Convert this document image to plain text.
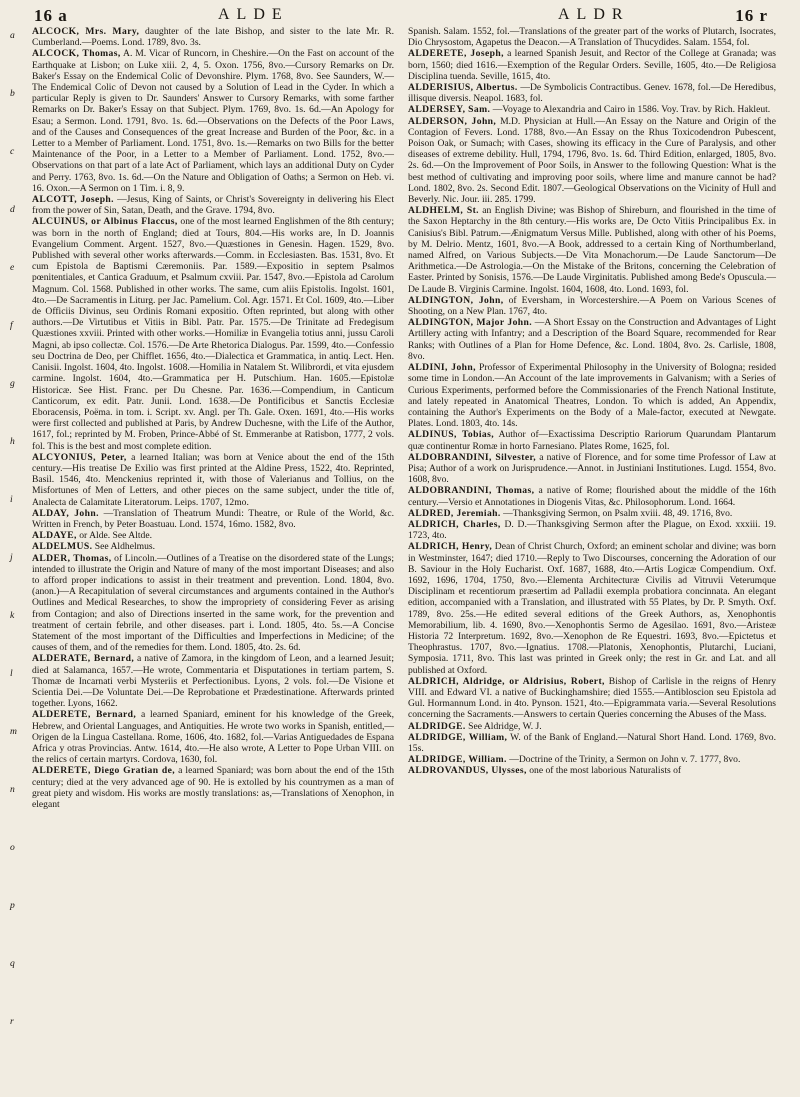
16 a	ALDE	ALDR	16 r

ALCOCK, Mrs. Mary, daughter of the late Bishop, and sister to the late Mr. R. Cumberland.—Poems. Lond. 1789, 8vo. 3s.

ALCOCK, Thomas, A. M. Vicar of Runcorn, in Cheshire.—On the Fast on account of the Earthquake at Lisbon; on Luke xiii. 2, 4, 5. Oxon. 1756, 8vo.—Cursory Remarks on Dr. Baker's Essay on the Endemical Colic of Devonshire. Plym. 1768, 8vo. See Saunders, W.—The Endemical Colic of Devon not caused by a Solution of Lead in the Cyder. In which a particular Reply is given to Dr. Saunders' Answer to Cursory Remarks, with some farther Remarks on Dr. Baker's Essay on that Subject. Plym. 1769, 8vo. 1s. 6d.—An Apology for Esau; a Sermon. Lond. 1791, 8vo. 1s. 6d.—Observations on the Defects of the Poor Laws, and of the Causes and Consequences of the great Increase and Burden of the Poor, &c. in a Letter to a Member of Parliament. Lond. 1751, 8vo. 1s.—Remarks on two Bills for the better Maintenance of the Poor, in a Letter to a Member of Parliament. Lond. 1752, 8vo.—Observations on that part of a late Act of Parliament, which lays an additional Duty on Cyder and Perry. 1763, 8vo. 1s. 6d.—On the Nature and Obligation of Oaths; a Sermon on Heb. vi. 16. Oxon.—A Sermon on 1 Tim. i. 8, 9.

ALCOTT, Joseph. —Jesus, King of Saints, or Christ's Sovereignty in delivering his Elect from the power of Sin, Satan, Death, and the Grave. 1794, 8vo.

ALCUINUS, or Albinus Flaccus, one of the most learned Englishmen of the 8th century; was born in the north of England; died at Tours, 804.—His works are, In D. Joannis Evangelium Comment. Argent. 1527, 8vo.—Quæstiones in Genesin. Hagen. 1529, 8vo. Published with several other works afterwards.—Comm. in Ecclesiasten. Bas. 1531, 8vo. Et cum Epistola de Baptismi Cæremoniis. Par. 1589.—Expositio in septem Psalmos pœnitentiales, et Cantica Graduum, et Psalmum cxviii. Par. 1547, 8vo.—Epistola ad Carolum Magnum. Col. 1568. Published in other works. The same, cum aliis Epistolis. Ingolst. 1601, 4to.—De Sacramentis in Liturg. per Jac. Pamelium. Col. Agr. 1571. Et Col. 1609, 4to.—Liber de Officiis Divinus, seu Ordinis Romani expositio. Often reprinted, but along with other authors.—De Virtutibus et Vitiis in Bibl. Patr. Par. 1575.—De Trinitate ad Fredegisum Quæstiones xxviii. Printed with other works.—Homiliæ in Evangelia totius anni, jussu Caroli Magni, ab ipso collectæ. Col. 1576.—De Arte Rhetorica Dialogus. Par. 1599, 4to.—Confessio seu Doctrina de Deo, per Chifflet. 1656, 4to.—Dialectica et Grammatica, in antiq. Lect. Hen. Canisii. Ingolst. 1604, 4to. Ingolst. 1608.—Homilia in Natalem St. Wilibrordi, et vita ejusdem carmine. Ingolst. 1604, 4to.—Grammatica per H. Putschium. Han. 1605.—Epistolæ Historicæ. See Hist. Franc. per Du Chesne. Par. 1636.—Compendium, in Canticum Canticorum, ex edit. Patr. Junii. Lond. 1638.—De Pontificibus et Sanctis Ecclesiæ Eboracensis, Poëma. in tom. i. Script. xv. Angl. per Th. Gale. Oxen. 1691, 4to.—His works were first collected and published at Paris, by Andrew Duchesne, with the Life of the Author, 1617, fol.; reprinted by M. Froben, Prince-Abbé of St. Emmeranbe at Ratisbon, 1777, 2 vols. fol. This is the best and most complete edition.

ALCYONIUS, Peter, a learned Italian; was born at Venice about the end of the 15th century.—His treatise De Exilio was first printed at the Aldine Press, 1522, 4to. Reprinted, Basil. 1546, 4to. Menckenius reprinted it, with those of Valerianus and Tollius, on the Misfortunes of Men of Letters, and other pieces on the same subject, under the title of, Analecta de Calamitate Literatorum. Leips. 1707, 12mo.

ALDAY, John. —Translation of Theatrum Mundi: Theatre, or Rule of the World, &c. Written in French, by Peter Boastuau. Lond. 1574, 16mo. 1582, 8vo.

ALDAYE, or Alde. See Altde.

ALDELMUS. See Aldhelmus.

ALDER, Thomas, of Lincoln.—Outlines of a Treatise on the disordered state of the Lungs; intended to illustrate the Origin and Nature of many of the most important Diseases; and also to afford proper indications to assist in their treatment and prevention. Lond. 1804, 8vo. (anon.)—A Recapitulation of several circumstances and arguments contained in the Author's Outlines and Medical Researches, to show the impropriety of considering Fever as arising from Contagion; and also of Directions inserted in the same work, for the prevention and treatment of certain febrile, and other diseases. part i. Lond. 1805, 4to. 5s.—A Concise Statement of the most important of the Difficulties and Imperfections in Medicine; of the causes of them, and of the remedies for them. Lond. 1805, 4to. 2s. 6d.

ALDERATE, Bernard, a native of Zamora, in the kingdom of Leon, and a learned Jesuit; died at Salamanca, 1657.—He wrote, Commentaria et Disputationes in tertiam partem, S. Thomæ de Incarnati verbi Mysteriis et Perfectionibus. Lyons, 2 vols. fol.—De Visione et Scientia Dei.—De Voluntate Dei.—De Reprobatione et Prædestinatione. Afterwards printed together. Lyons, 1662.

ALDERETE, Bernard, a learned Spaniard, eminent for his knowledge of the Greek, Hebrew, and Oriental Languages, and Antiquities. He wrote two works in Spanish, entitled,—Origen de la Lingua Castellana. Rome, 1606, 4to. 1682, fol.—Varias Antiguedades de Espana Africa y otras Provincias. Antw. 1614, 4to.—He also wrote, A Letter to Pope Urban VIII. on the relics of certain martyrs. Cordova, 1630, fol.

ALDERETE, Diego Gratian de, a learned Spaniard; was born about the end of the 15th century; died at the very advanced age of 90. He is extolled by his countrymen as a man of great piety and wisdom. His works are mostly translations: as,—Translations of Xenophon, in elegant

Spanish. Salam. 1552, fol.—Translations of the greater part of the works of Plutarch, Isocrates, Dio Chrysostom, Agapetus the Deacon.—A Translation of Thucydides. Salam. 1554, fol.

ALDERETE, Joseph, a learned Spanish Jesuit, and Rector of the College at Granada; was born, 1560; died 1616.—Exemption of the Regular Orders. Seville, 1605, 4to.—De Religiosa Disciplina tuenda. Seville, 1615, 4to.

ALDERISIUS, Albertus. —De Symbolicis Contractibus. Genev. 1678, fol.—De Heredibus, illisque diversis. Neapol. 1683, fol.

ALDERSEY, Sam. —Voyage to Alexandria and Cairo in 1586. Voy. Trav. by Rich. Hakleut.

ALDERSON, John, M.D. Physician at Hull.—An Essay on the Nature and Origin of the Contagion of Fevers. Lond. 1788, 8vo.—An Essay on the Rhus Toxicodendron Pubescent, Poison Oak, or Sumach; with Cases, showing its efficacy in the Cure of Paralysis, and other diseases of extreme debility. Hull, 1794, 1796, 8vo. 1s. 6d. Third Edition, enlarged, 1805, 8vo. 2s. 6d.—On the Improvement of Poor Soils, in Answer to the following Question: What is the best method of cultivating and improving poor soils, where lime and manure cannot be had? Lond. 1802, 8vo. 2s. Second Edit. 1807.—Geological Observations on the Vicinity of Hull and Beverly. Nic. Jour. iii. 285. 1799.

ALDHELM, St. an English Divine; was Bishop of Shireburn, and flourished in the time of the Saxon Heptarchy in the 8th century.—His works are, De Octo Vitiis Principalibus Ex. in Canisius's Bibl. Patrum.—Ænigmatum Versus Mille. Published, along with other of his Poems, by M. Delrio. Mentz, 1601, 8vo.—A Book, addressed to a certain King of Northumberland, named Alfred, on Various Subjects.—De Vita Monachorum.—De Laude Sanctorum—De Arithmetica.—De Astrologia.—On the Mistake of the Britons, concerning the Celebration of Easter. Printed by Sonisis, 1576.—De Laude Virginitatis. Published among Bede's Opuscula.—De Laude B. Virginis Carmine. Ingolst. 1604, 1608, 4to. Lond. 1693, fol.

ALDINGTON, John, of Eversham, in Worcestershire.—A Poem on Various Scenes of Shooting, on a New Plan. 1767, 4to.

ALDINGTON, Major John. —A Short Essay on the Construction and Advantages of Light Artillery acting with Infantry; and a Description of the Board Square, recommended for Rear Ranks; with Outlines of a Plan for Home Defence, &c. Lond. 1804, 8vo. 2s. Carlisle, 1808, 8vo.

ALDINI, John, Professor of Experimental Philosophy in the University of Bologna; resided some time in London.—An Account of the late improvements in Galvanism; with a Series of Curious Experiments, performed before the Commissionaries of the French National Institute, and lately repeated in Anatomical Theatres, London. To which is added, An Appendix, containing the Author's Experiments on the Body of a Male-factor, executed at Newgate. Plates. Lond. 1803, 4to. 14s.

ALDINUS, Tobias, Author of—Exactissima Descriptio Rariorum Quarundam Plantarum quæ continentur Romæ in horto Farnesiano. Plates Rome, 1625, fol.

ALDOBRANDINI, Silvester, a native of Florence, and for some time Professor of Law at Pisa; Author of a work on Jurisprudence.—Annot. in Justiniani Institutiones. Lugd. 1554, 8vo. 1608, 8vo.

ALDOBRANDINI, Thomas, a native of Rome; flourished about the middle of the 16th century.—Versio et Annotationes in Diogenis Vitas, &c. Philosophorum. Lond. 1664.

ALDRED, Jeremiah. —Thanksgiving Sermon, on Psalm xviii. 48, 49. 1716, 8vo.

ALDRICH, Charles, D. D.—Thanksgiving Sermon after the Plague, on Exod. xxxiii. 19. 1723, 4to.

ALDRICH, Henry, Dean of Christ Church, Oxford; an eminent scholar and divine; was born in Westminster, 1647; died 1710.—Reply to Two Discourses, concerning the Adoration of our B. Saviour in the Holy Eucharist. Oxf. 1687, 1688, 4to.—Artis Logicæ Compendium. Oxf. 1692, 1696, 1704, 1750, 8vo.—Elementa Architecturæ Civilis ad Vitruvii Veterumque Disciplinam et recentiorum præsertim ad Palladii exempla probatiora concinnata. An elegant edition, accompanied with a Translation, and illustrated with 55 Plates, by Dr. P. Smyth. Oxf. 1789, 8vo. 25s.—He edited several editions of the Greek Authors, as, Xenophontis Memorabilium, lib. 4. 1690, 8vo.—Xenophontis Sermo de Agesilao. 1691, 8vo.—Aristeæ Historia 72 Interpretum. 1692, 8vo.—Xenophon de Re Equestri. 1693, 8vo.—Epictetus et Theophrastus. 1707, 8vo.—Ignatius. 1708.—Platonis, Xenophontis, Plutarchi, Luciani, Symposia. 1711, 8vo. This last was printed in Greek only; the rest in Gr. and Lat. and all published at Oxford.

ALDRICH, Aldridge, or Aldrisius, Robert, Bishop of Carlisle in the reigns of Henry VIII. and Edward VI. a native of Buckinghamshire; died 1555.—Antibloscion seu Epistola ad Gul. Hormannum Lond. in 4to. Pynson. 1521, 4to.—Epigrammata varia.—Several Resolutions concerning the Sacraments.—Answers to certain Queries concerning the Abuses of the Mass.

ALDRIDGE. See Aldridge, W. J.

ALDRIDGE, William, W. of the Bank of England.—Natural Short Hand. Lond. 1769, 8vo. 15s.

ALDRIDGE, William. —Doctrine of the Trinity, a Sermon on John v. 7. 1777, 8vo.

ALDROVANDUS, Ulysses, one of the most laborious Naturalists of

a
b
c
d
e
f
g
h
i
j
k
l
m
n
o
p
q
r
